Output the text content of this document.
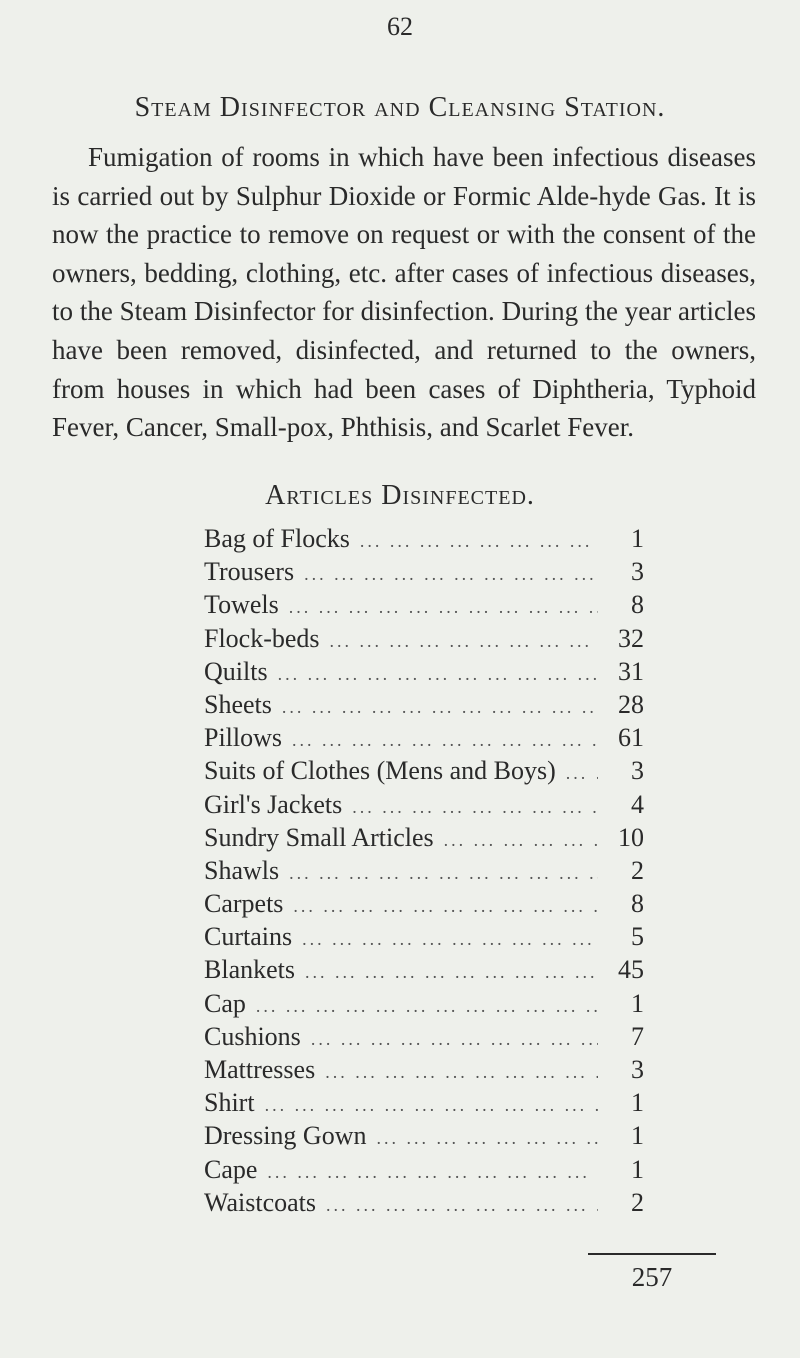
62
Steam Disinfector and Cleansing Station.

Fumigation of rooms in which have been infectious diseases is carried out by Sulphur Dioxide or Formic Alde-hyde Gas. It is now the practice to remove on request or with the consent of the owners, bedding, clothing, etc. after cases of infectious diseases, to the Steam Disinfector for disinfection. During the year articles have been removed, disinfected, and returned to the owners, from houses in which had been cases of Diphtheria, Typhoid Fever, Cancer, Small-pox, Phthisis, and Scarlet Fever.

Articles Disinfected.
Bag of Flocks ... .	1
Trousers ... .	3
Towels ... .	8
Flock-beds ... .	32
Quilts ... .	31
Sheets ... .	28
Pillows ... .	61
Suits of Clothes (Mens and Boys) ... .	3
Girl's Jackets ... .	4
Sundry Small Articles ... .	10
Shawls ... .	2
Carpets ... .	8
Curtains ... .	5
Blankets ... .	45
Cap ... .	1
Cushions ... .	7
Mattresses ... .	3
Shirt ... .	1
Dressing Gown ... .	1
Cape ... .	1
Waistcoats ... .	2
257
